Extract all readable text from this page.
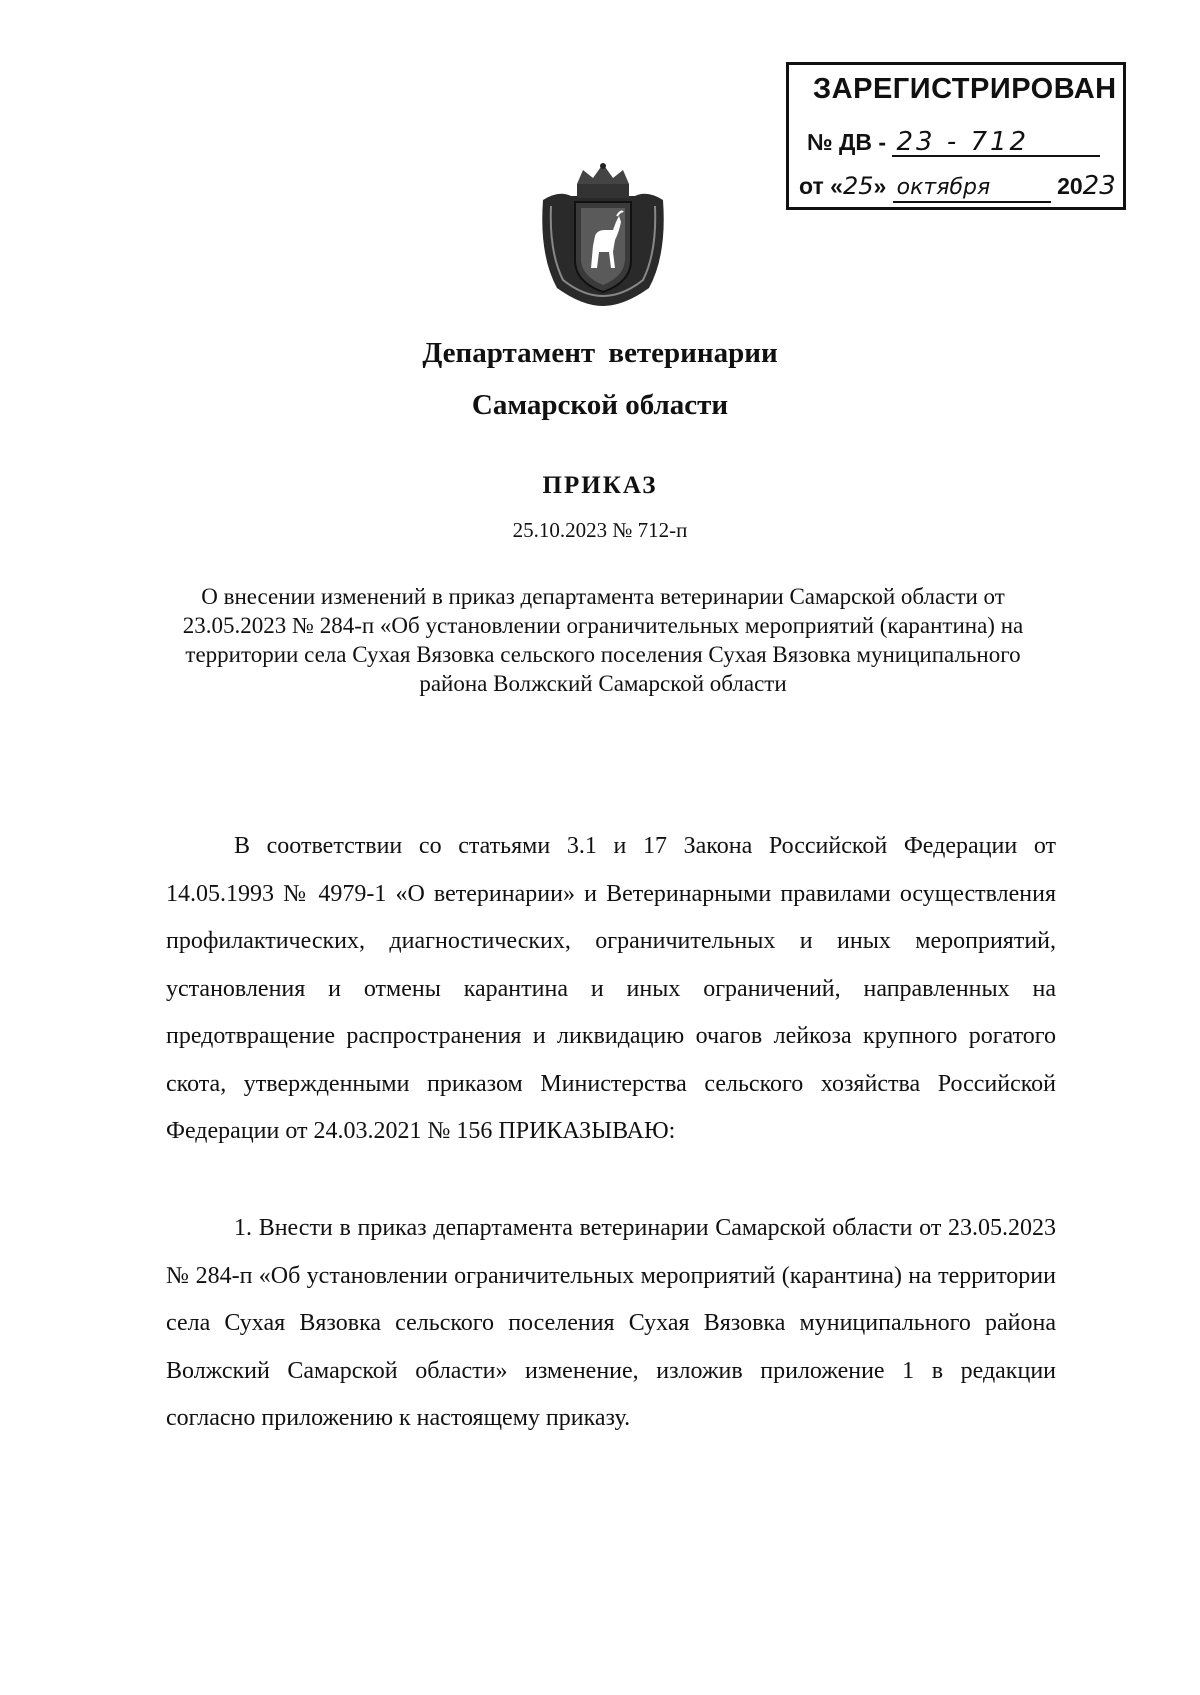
ЗАРЕГИСТРИРОВАН
№ ДВ - 23 - 712
от «25» октября	2023
Департамент ветеринарии
Самарской области
ПРИКАЗ
25.10.2023 № 712-п
О внесении изменений в приказ департамента ветеринарии Самарской области от 23.05.2023 № 284-п «Об установлении ограничительных мероприятий (карантина) на территории села Сухая Вязовка сельского поселения Сухая Вязовка муниципального района Волжский Самарской области
В соответствии со статьями 3.1 и 17 Закона Российской Федерации от 14.05.1993 № 4979-1 «О ветеринарии» и Ветеринарными правилами осуществления профилактических, диагностических, ограничительных и иных мероприятий, установления и отмены карантина и иных ограничений, направленных на предотвращение распространения и ликвидацию очагов лейкоза крупного рогатого скота, утвержденными приказом Министерства сельского хозяйства Российской Федерации от 24.03.2021 № 156 ПРИКАЗЫВАЮ:
1. Внести в приказ департамента ветеринарии Самарской области от 23.05.2023 № 284-п «Об установлении ограничительных мероприятий (карантина) на территории села Сухая Вязовка сельского поселения Сухая Вязовка муниципального района Волжский Самарской области» изменение, изложив приложение 1 в редакции согласно приложению к настоящему приказу.
